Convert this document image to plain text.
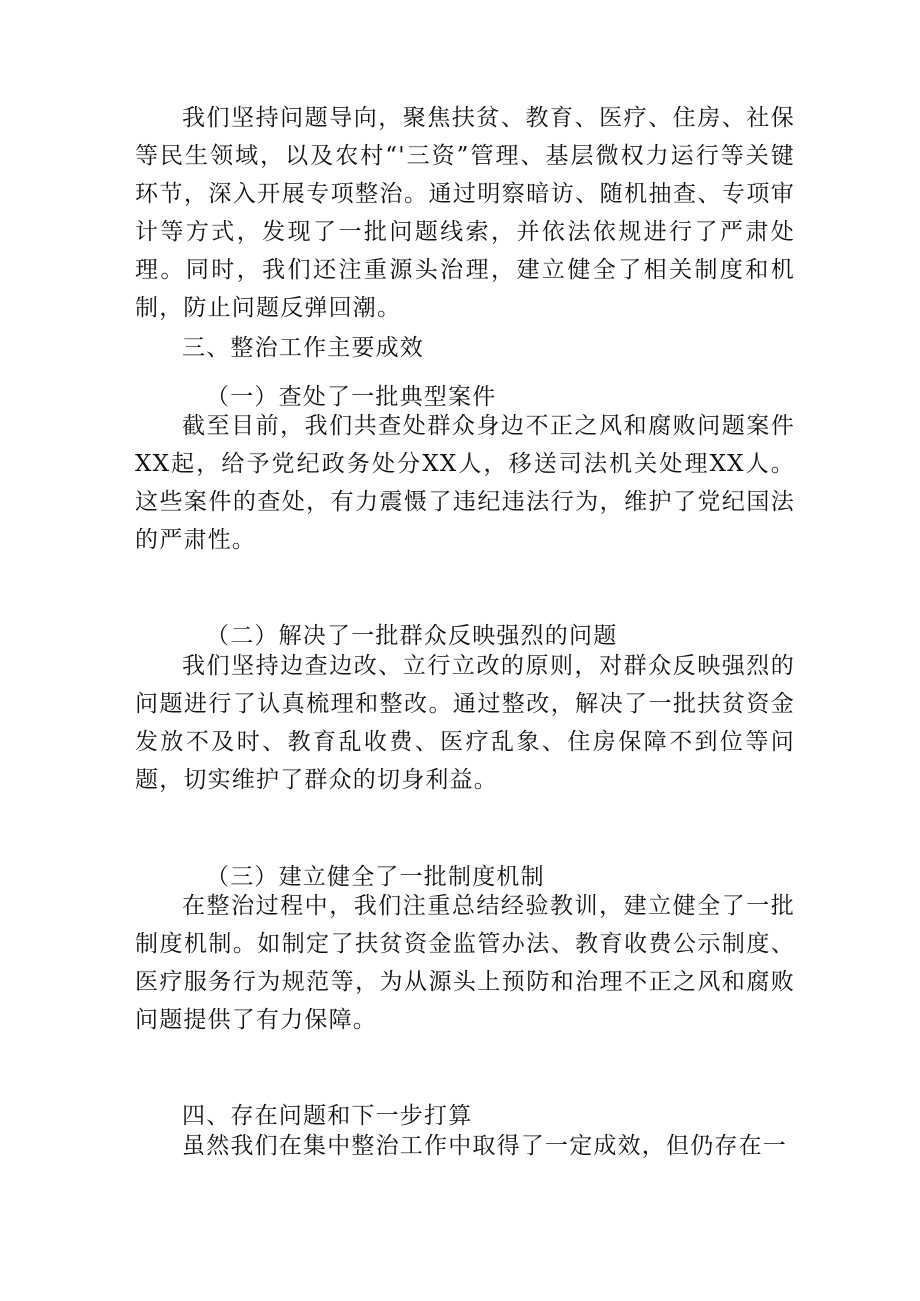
我们坚持问题导向，聚焦扶贫、教育、医疗、住房、社保等民生领域，以及农村“'三资”管理、基层微权力运行等关键环节，深入开展专项整治。通过明察暗访、随机抽查、专项审计等方式，发现了一批问题线索，并依法依规进行了严肃处理。同时，我们还注重源头治理，建立健全了相关制度和机制，防止问题反弹回潮。

三、整治工作主要成效

（一）查处了一批典型案件

截至目前，我们共查处群众身边不正之风和腐败问题案件XX起，给予党纪政务处分XX人，移送司法机关处理XX人。这些案件的查处，有力震慑了违纪违法行为，维护了党纪国法的严肃性。

（二）解决了一批群众反映强烈的问题

我们坚持边查边改、立行立改的原则，对群众反映强烈的问题进行了认真梳理和整改。通过整改，解决了一批扶贫资金发放不及时、教育乱收费、医疗乱象、住房保障不到位等问题，切实维护了群众的切身利益。

（三）建立健全了一批制度机制

在整治过程中，我们注重总结经验教训，建立健全了一批制度机制。如制定了扶贫资金监管办法、教育收费公示制度、医疗服务行为规范等，为从源头上预防和治理不正之风和腐败问题提供了有力保障。

四、存在问题和下一步打算

虽然我们在集中整治工作中取得了一定成效，但仍存在一
